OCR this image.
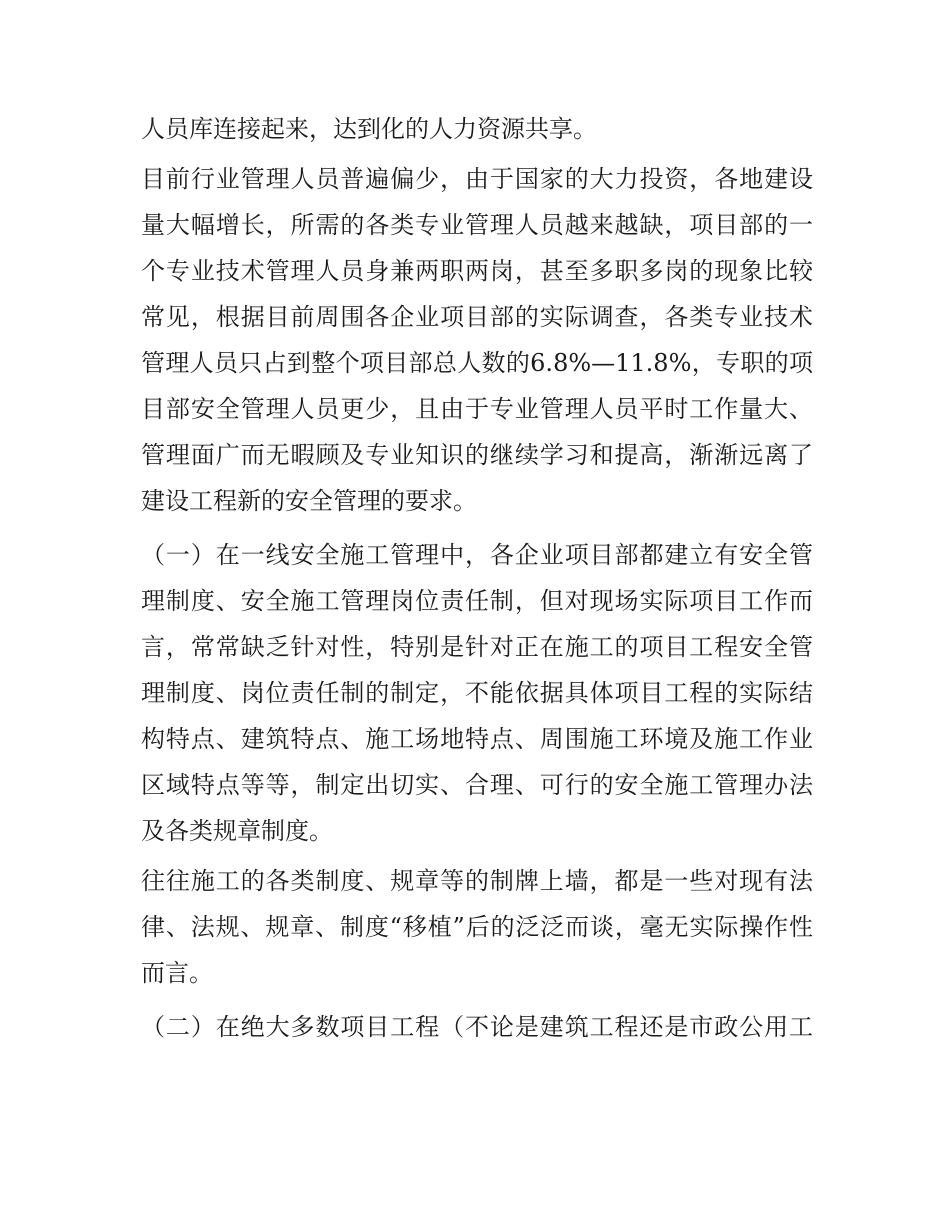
人员库连接起来，达到化的人力资源共享。
目前行业管理人员普遍偏少，由于国家的大力投资，各地建设
量大幅增长，所需的各类专业管理人员越来越缺，项目部的一
个专业技术管理人员身兼两职两岗，甚至多职多岗的现象比较
常见，根据目前周围各企业项目部的实际调查，各类专业技术
管理人员只占到整个项目部总人数的6.8%—11.8%，专职的项
目部安全管理人员更少，且由于专业管理人员平时工作量大、
管理面广而无暇顾及专业知识的继续学习和提高，渐渐远离了
建设工程新的安全管理的要求。
（一）在一线安全施工管理中，各企业项目部都建立有安全管
理制度、安全施工管理岗位责任制，但对现场实际项目工作而
言，常常缺乏针对性，特别是针对正在施工的项目工程安全管
理制度、岗位责任制的制定，不能依据具体项目工程的实际结
构特点、建筑特点、施工场地特点、周围施工环境及施工作业
区域特点等等，制定出切实、合理、可行的安全施工管理办法
及各类规章制度。
往往施工的各类制度、规章等的制牌上墙，都是一些对现有法
律、法规、规章、制度“移植”后的泛泛而谈，毫无实际操作性
而言。
（二）在绝大多数项目工程（不论是建筑工程还是市政公用工
